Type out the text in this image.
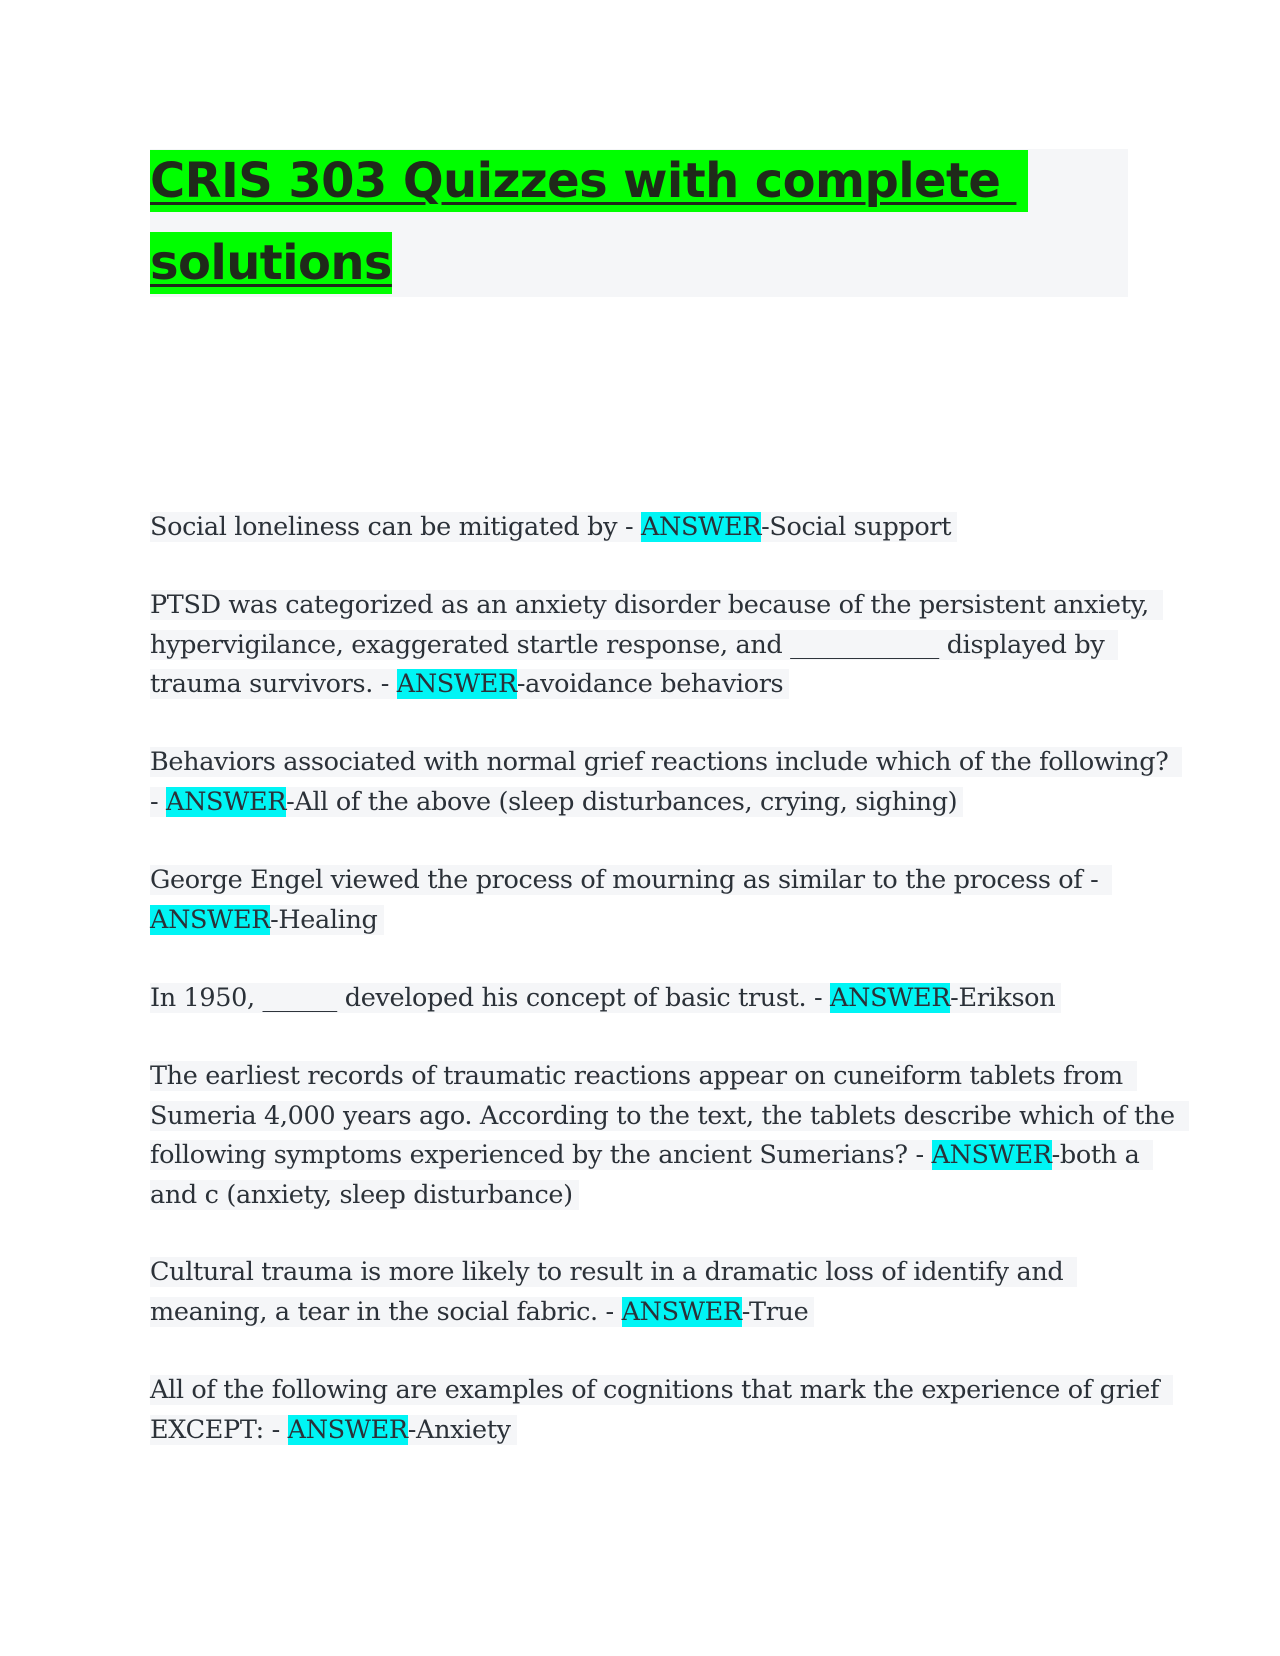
CRIS 303 Quizzes with complete
solutions
Social loneliness can be mitigated by - ANSWER-Social support
PTSD was categorized as an anxiety disorder because of the persistent anxiety,
hypervigilance, exaggerated startle response, and ____________ displayed by
trauma survivors. - ANSWER-avoidance behaviors
Behaviors associated with normal grief reactions include which of the following?
- ANSWER-All of the above (sleep disturbances, crying, sighing)
George Engel viewed the process of mourning as similar to the process of -
ANSWER-Healing
In 1950, ______ developed his concept of basic trust. - ANSWER-Erikson
The earliest records of traumatic reactions appear on cuneiform tablets from
Sumeria 4,000 years ago. According to the text, the tablets describe which of the
following symptoms experienced by the ancient Sumerians? - ANSWER-both a
and c (anxiety, sleep disturbance)
Cultural trauma is more likely to result in a dramatic loss of identify and
meaning, a tear in the social fabric. - ANSWER-True
All of the following are examples of cognitions that mark the experience of grief
EXCEPT: - ANSWER-Anxiety
